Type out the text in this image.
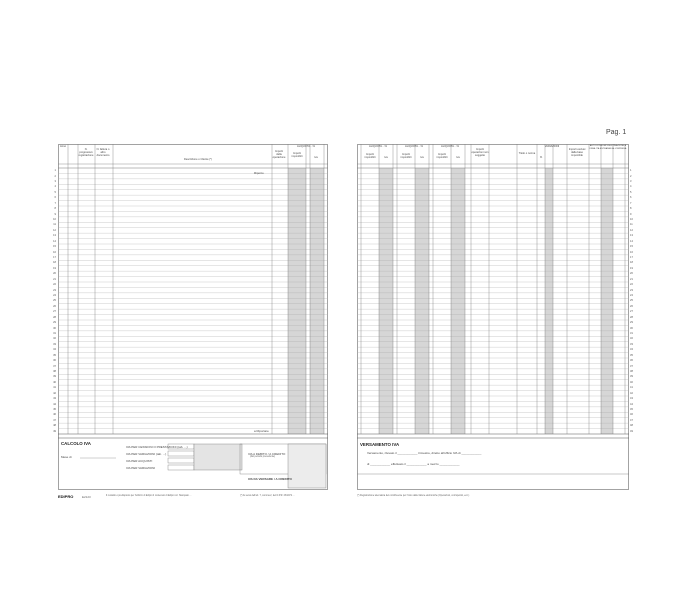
Pag. 1
Anno
N. progressivo registrazione
N. fattura o altro documento
Descrizione o Cliente (*)
Importi della operazione
ALIQUOTA ...%
Importi imponibili	Iva
Riporto
a Riportare
1
2
3
4
5
6
7
8
9
10
11
12
13
14
15
16
17
18
19
20
21
22
23
24
25
26
27
28
29
30
31
32
33
34
35
36
37
38
39
40
41
42
43
44
45
46
47
48
49
CALCOLO IVA
Mese di
IVA PER CESSIONI O PRESTAZIONI (tab. ...)
IVA PER VARIAZIONI (tab. ...)
IVA PER ACQUISTI
IVA PER VARIAZIONI
IVA A DEBITO / A CREDITO
(dal periodo precedente)
IVA DA VERSARE / A CREDITO
EDIPRO	E2123	Il modello è predisposto per l'utilizzo di Edipro il contenuto di Edipro srl. Stampato ...	(*) Ai sensi dell'art. 7, comma 2, del D.P.R. 26/1972 ...
ALIQUOTA ...%	ALIQUOTA ...%	ALIQUOTA ...%
Importi imponibili	Iva
Importi imponibili	Iva
Importi imponibili	Iva
Importi operazioni non soggette
Titolo o norma
VARIAZIONI
%
Importi esclusi dalla base imponibile
AUTOCONSUMO/DESTINAZIONE A FINALITÀ ESTRANEE ALL'IMPRESA
1
2
3
4
5
6
7
8
9
10
11
12
13
14
15
16
17
18
19
20
21
22
23
24
25
26
27
28
29
30
31
32
33
34
35
36
37
38
39
40
41
42
43
44
45
46
47
48
49
VERSAMENTO IVA
Versamento, rilevato il ____________ trimestre, diretto all'ufficio IVA di ____________
di ____________ effettuato il ____________ a mezzo ____________
(*) Registrazione telematica del contribuente per l'invio delle fatture elettroniche (Operazioni, corrispettivi, ecc.)
